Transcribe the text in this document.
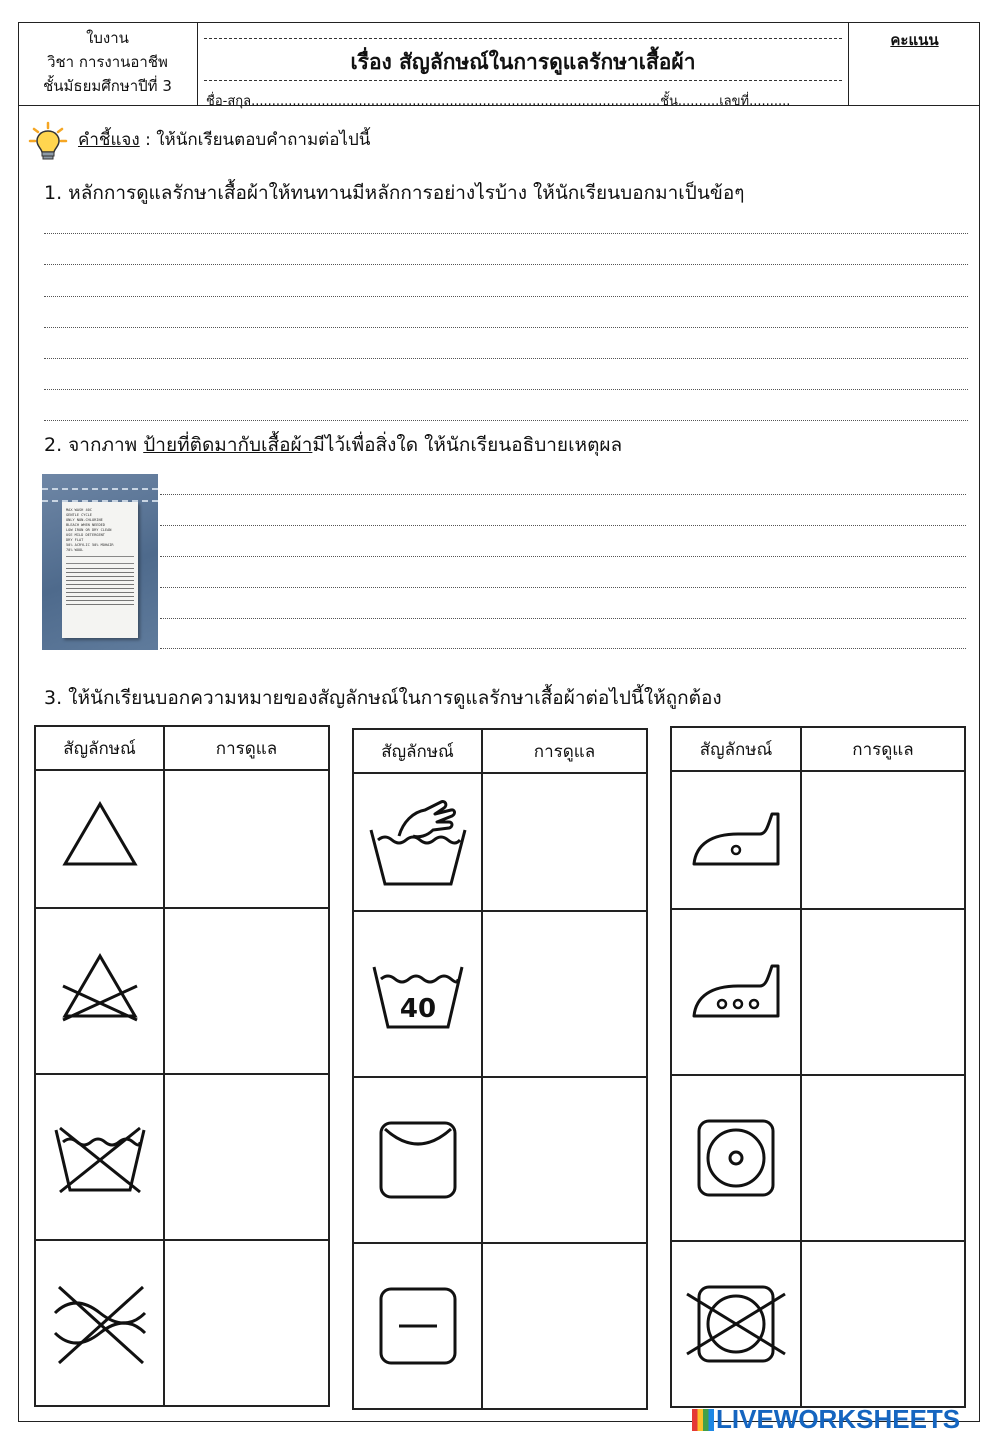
ใบงาน
วิชา การงานอาชีพ
ชั้นมัธยมศึกษาปีที่ 3
เรื่อง สัญลักษณ์ในการดูแลรักษาเสื้อผ้า
ชื่อ-สกุล...................................................................................................ชั้น..........เลขที่..........
คะแนน
คำชี้แจง : ให้นักเรียนตอบคำถามต่อไปนี้
1. หลักการดูแลรักษาเสื้อผ้าให้ทนทานมีหลักการอย่างไรบ้าง ให้นักเรียนบอกมาเป็นข้อๆ
2. จากภาพ ป้ายที่ติดมากับเสื้อผ้ามีไว้เพื่อสิ่งใด ให้นักเรียนอธิบายเหตุผล
MAX WASH 40C
GENTLE CYCLE
ONLY NON-CHLORINE
BLEACH WHEN NEEDED
LOW IRON OR DRY CLEAN
USE MILD DETERGENT
DRY FLAT
50% ACRYLIC 50% MOHAIR
70% WOOL
3. ให้นักเรียนบอกความหมายของสัญลักษณ์ในการดูแลรักษาเสื้อผ้าต่อไปนี้ให้ถูกต้อง
สัญลักษณ์	การดูแล

		สัญลักษณ์	การดูแล

40	

สัญลักษณ์	การดูแล

LIVEWORKSHEETS
